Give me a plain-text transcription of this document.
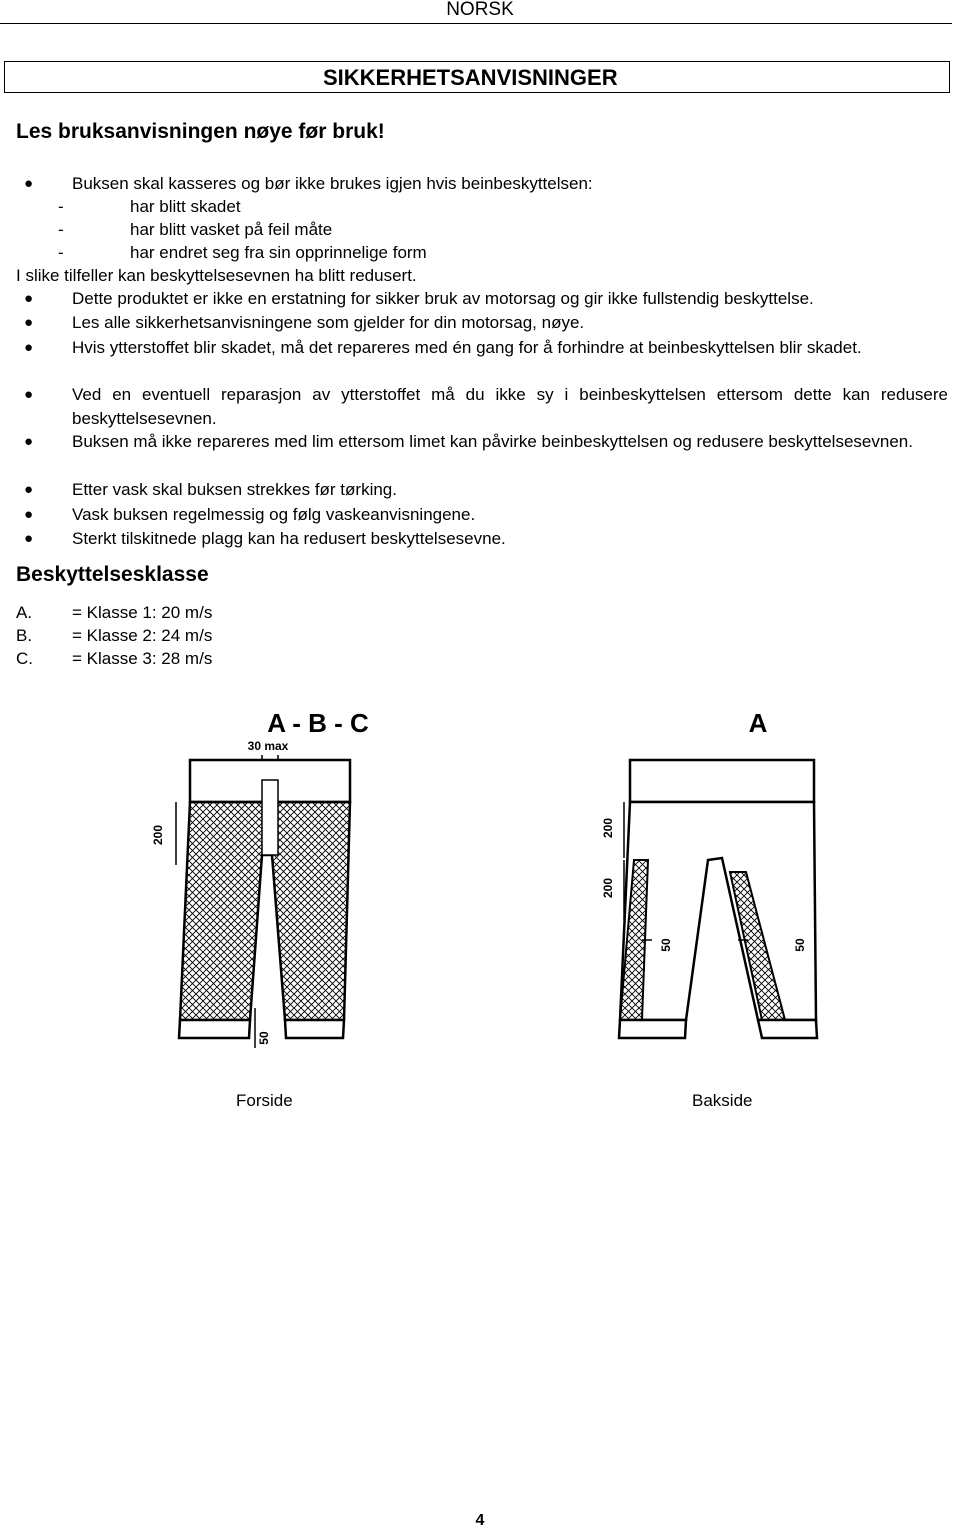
NORSK
SIKKERHETSANVISNINGER
Les bruksanvisningen nøye før bruk!
● Buksen skal kasseres og bør ikke brukes igjen hvis beinbeskyttelsen:
-	har blitt skadet
-	har blitt vasket på feil måte
-	har endret seg fra sin opprinnelige form
I slike tilfeller kan beskyttelsesevnen ha blitt redusert.
● Dette produktet er ikke en erstatning for sikker bruk av motorsag og gir ikke fullstendig beskyttelse.
● Les alle sikkerhetsanvisningene som gjelder for din motorsag, nøye.
● Hvis ytterstoffet blir skadet, må det repareres med én gang for å forhindre at beinbeskyttelsen blir skadet.
● Ved en eventuell reparasjon av ytterstoffet må du ikke sy i beinbeskyttelsen ettersom dette kan redusere beskyttelsesevnen.
● Buksen må ikke repareres med lim ettersom limet kan påvirke beinbeskyttelsen og redusere beskyttelsesevnen.
● Etter vask skal buksen strekkes før tørking.
● Vask buksen regelmessig og følg vaskeanvisningene.
● Sterkt tilskitnede plagg kan ha redusert beskyttelsesevne.
Beskyttelsesklasse
A. = Klasse 1: 20 m/s
B. = Klasse 2: 24 m/s
C. = Klasse 3: 28 m/s
A - B - C
30 max
200
50
A
200
200
50	50
Forside	Bakside
4
